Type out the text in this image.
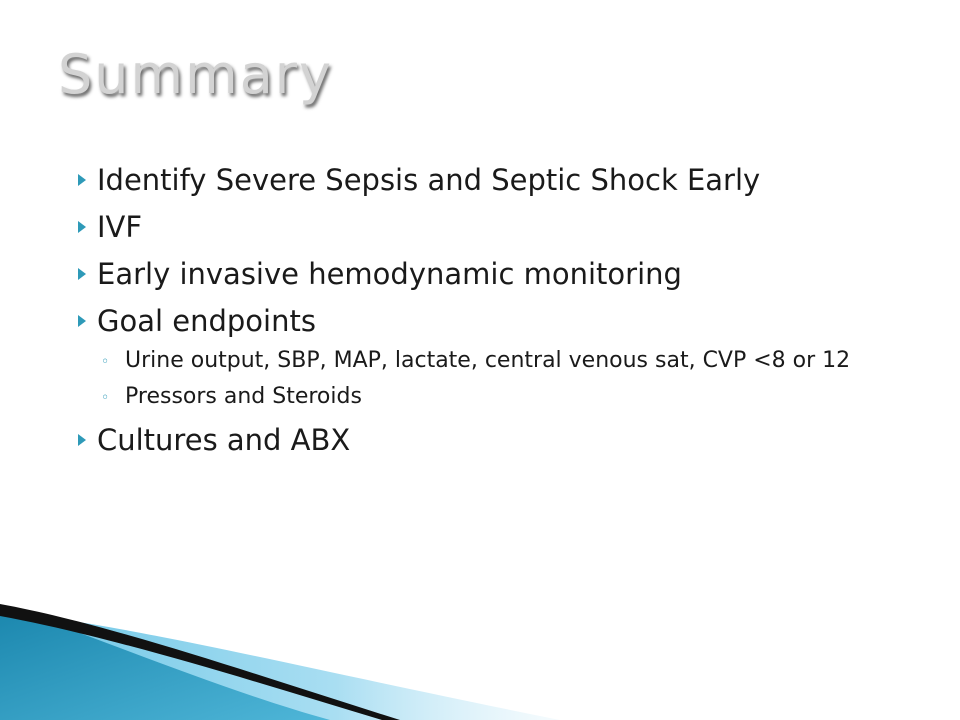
Summary
Identify Severe Sepsis and Septic Shock Early
IVF
Early invasive hemodynamic monitoring
Goal endpoints
◦ Urine output, SBP, MAP, lactate, central venous sat, CVP <8 or 12
◦ Pressors and Steroids
Cultures and ABX
